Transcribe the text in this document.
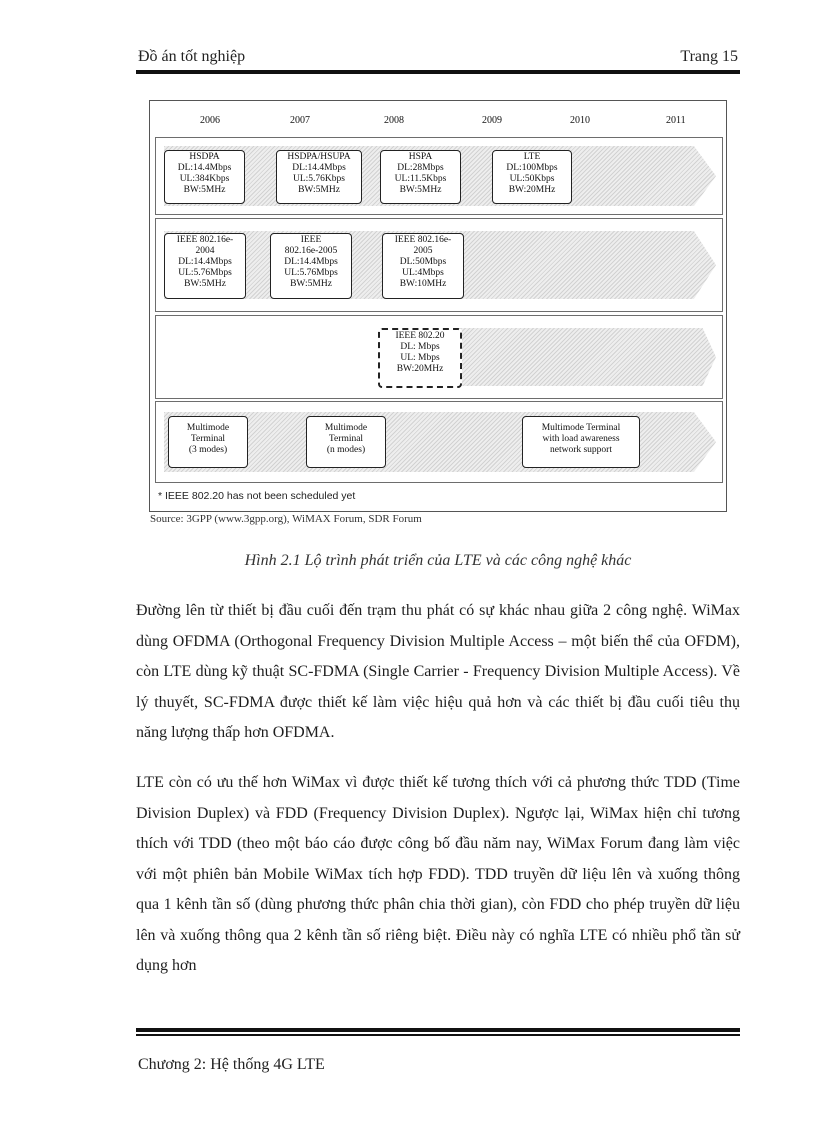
Đồ án tốt nghiệp	Trang 15
2006	2007	2008	2009	2010	2011
HSDPA
DL:14.4Mbps
UL:384Kbps
BW:5MHz
HSDPA/HSUPA
DL:14.4Mbps
UL:5.76Kbps
BW:5MHz
HSPA
DL:28Mbps
UL:11.5Kbps
BW:5MHz
LTE
DL:100Mbps
UL:50Kbps
BW:20MHz
IEEE 802.16e-
2004
DL:14.4Mbps
UL:5.76Mbps
BW:5MHz
IEEE
802.16e-2005
DL:14.4Mbps
UL:5.76Mbps
BW:5MHz
IEEE 802.16e-
2005
DL:50Mbps
UL:4Mbps
BW:10MHz
IEEE 802.20
DL: Mbps
UL: Mbps
BW:20MHz
Multimode
Terminal
(3 modes)
Multimode
Terminal
(n modes)
Multimode Terminal
with load awareness
network support
* IEEE 802.20 has not been scheduled yet
Source: 3GPP (www.3gpp.org), WiMAX Forum, SDR Forum
Hình 2.1 Lộ trình phát triển của LTE và các công nghệ khác

Đường lên từ thiết bị đầu cuối đến trạm thu phát có sự khác nhau giữa 2 công nghệ. WiMax dùng OFDMA (Orthogonal Frequency Division Multiple Access – một biến thể của OFDM), còn LTE dùng kỹ thuật SC-FDMA (Single Carrier - Frequency Division Multiple Access). Về lý thuyết, SC-FDMA được thiết kế làm việc hiệu quả hơn và các thiết bị đầu cuối tiêu thụ năng lượng thấp hơn OFDMA.

LTE còn có ưu thế hơn WiMax vì được thiết kế tương thích với cả phương thức TDD (Time Division Duplex) và FDD (Frequency Division Duplex). Ngược lại, WiMax hiện chỉ tương thích với TDD (theo một báo cáo được công bố đầu năm nay, WiMax Forum đang làm việc với một phiên bản Mobile WiMax tích hợp FDD). TDD truyền dữ liệu lên và xuống thông qua 1 kênh tần số (dùng phương thức phân chia thời gian), còn FDD cho phép truyền dữ liệu lên và xuống thông qua 2 kênh tần số riêng biệt. Điều này có nghĩa LTE có nhiều phổ tần sử dụng hơn

Chương 2: Hệ thống 4G LTE
